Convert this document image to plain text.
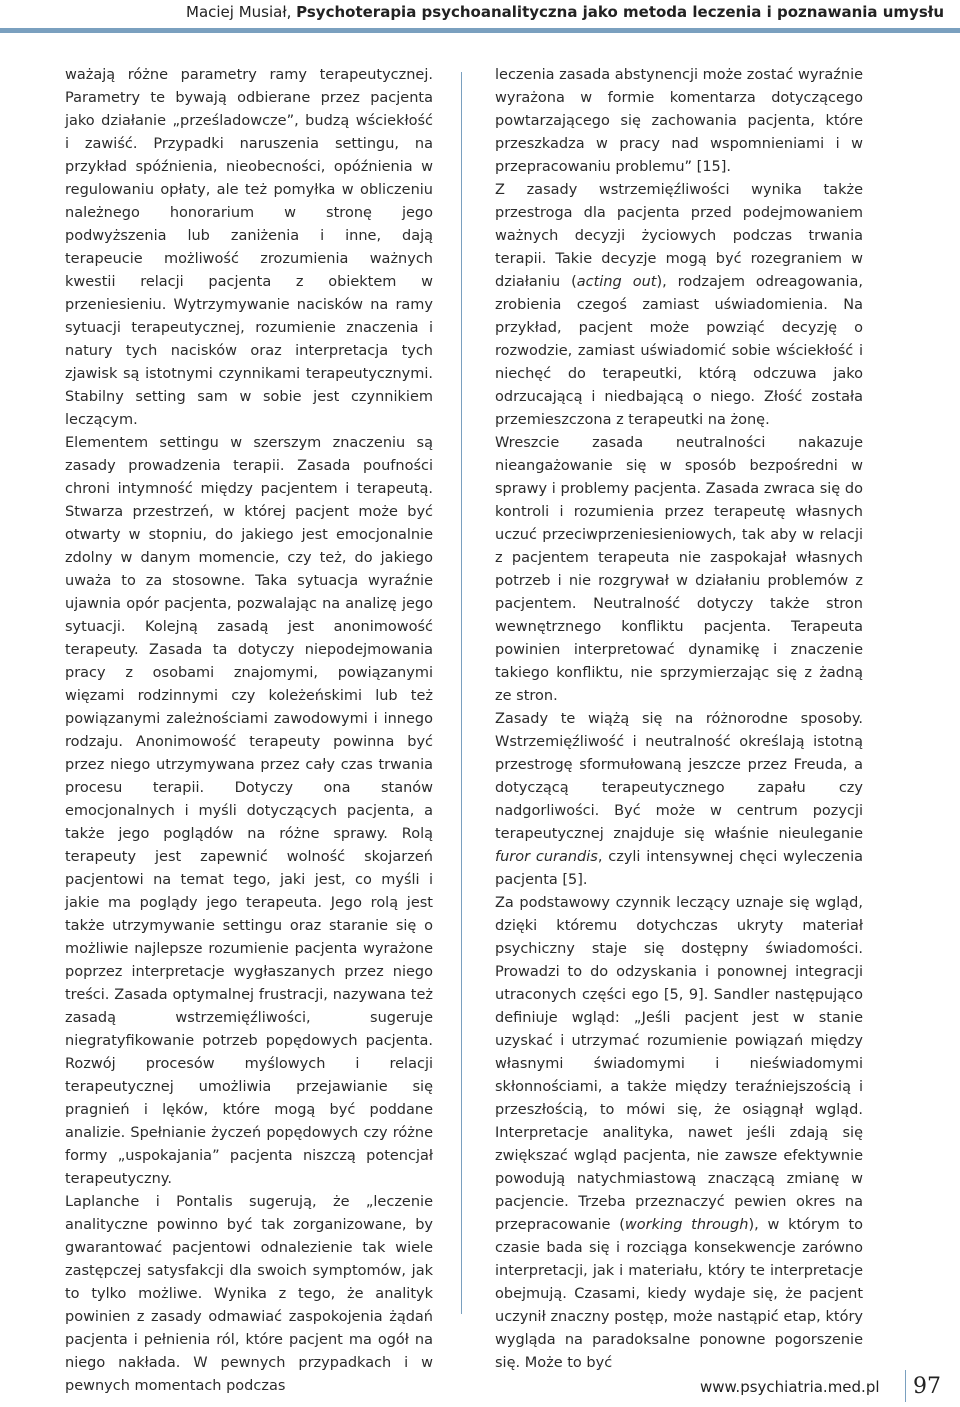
Maciej Musiał, Psychoterapia psychoanalityczna jako metoda leczenia i poznawania umysłu

ważają różne parametry ramy terapeutycznej. Parametry te bywają odbierane przez pacjenta jako działanie „prześladowcze”, budzą wściekłość i zawiść. Przypadki naruszenia settingu, na przykład spóźnienia, nieobecności, opóźnienia w regulowaniu opłaty, ale też pomyłka w obliczeniu należnego honorarium w stronę jego podwyższenia lub zaniżenia i inne, dają terapeucie możliwość zrozumienia ważnych kwestii relacji pacjenta z obiektem w przeniesieniu. Wytrzymywanie nacisków na ramy sytuacji terapeutycznej, rozumienie znaczenia i natury tych nacisków oraz interpretacja tych zjawisk są istotnymi czynnikami terapeutycznymi. Stabilny setting sam w sobie jest czynnikiem leczącym.

Elementem settingu w szerszym znaczeniu są zasady prowadzenia terapii. Zasada poufności chroni intymność między pacjentem i terapeutą. Stwarza przestrzeń, w której pacjent może być otwarty w stopniu, do jakiego jest emocjonalnie zdolny w danym momencie, czy też, do jakiego uważa to za stosowne. Taka sytuacja wyraźnie ujawnia opór pacjenta, pozwalając na analizę jego sytuacji. Kolejną zasadą jest anonimowość terapeuty. Zasada ta dotyczy niepodejmowania pracy z osobami znajomymi, powiązanymi więzami rodzinnymi czy koleżeńskimi lub też powiązanymi zależnościami zawodowymi i innego rodzaju. Anonimowość terapeuty powinna być przez niego utrzymywana przez cały czas trwania procesu terapii. Dotyczy ona stanów emocjonalnych i myśli dotyczących pacjenta, a także jego poglądów na różne sprawy. Rolą terapeuty jest zapewnić wolność skojarzeń pacjentowi na temat tego, jaki jest, co myśli i jakie ma poglądy jego terapeuta. Jego rolą jest także utrzymywanie settingu oraz staranie się o możliwie najlepsze rozumienie pacjenta wyrażone poprzez interpretacje wygłaszanych przez niego treści. Zasada optymalnej frustracji, nazywana też zasadą wstrzemięźliwości, sugeruje niegratyfikowanie potrzeb popędowych pacjenta. Rozwój procesów myślowych i relacji terapeutycznej umożliwia przejawianie się pragnień i lęków, które mogą być poddane analizie. Spełnianie życzeń popędowych czy różne formy „uspokajania” pacjenta niszczą potencjał terapeutyczny.

Laplanche i Pontalis sugerują, że „leczenie analityczne powinno być tak zorganizowane, by gwarantować pacjentowi odnalezienie tak wiele zastępczej satysfakcji dla swoich symptomów, jak to tylko możliwe. Wynika z tego, że analityk powinien z zasady odmawiać zaspokojenia żądań pacjenta i pełnienia ról, które pacjent ma ogół na niego nakłada. W pewnych przypadkach i w pewnych momentach podczas

leczenia zasada abstynencji może zostać wyraźnie wyrażona w formie komentarza dotyczącego powtarzającego się zachowania pacjenta, które przeszkadza w pracy nad wspomnieniami i w przepracowaniu problemu” [15].

Z zasady wstrzemięźliwości wynika także przestroga dla pacjenta przed podejmowaniem ważnych decyzji życiowych podczas trwania terapii. Takie decyzje mogą być rozegraniem w działaniu (acting out), rodzajem odreagowania, zrobienia czegoś zamiast uświadomienia. Na przykład, pacjent może powziąć decyzję o rozwodzie, zamiast uświadomić sobie wściekłość i niechęć do terapeutki, którą odczuwa jako odrzucającą i niedbającą o niego. Złość została przemieszczona z terapeutki na żonę.

Wreszcie zasada neutralności nakazuje nieangażowanie się w sposób bezpośredni w sprawy i problemy pacjenta. Zasada zwraca się do kontroli i rozumienia przez terapeutę własnych uczuć przeciwprzeniesieniowych, tak aby w relacji z pacjentem terapeuta nie zaspokajał własnych potrzeb i nie rozgrywał w działaniu problemów z pacjentem. Neutralność dotyczy także stron wewnętrznego konfliktu pacjenta. Terapeuta powinien interpretować dynamikę i znaczenie takiego konfliktu, nie sprzymierzając się z żadną ze stron.

Zasady te wiążą się na różnorodne sposoby. Wstrzemięźliwość i neutralność określają istotną przestrogę sformułowaną jeszcze przez Freuda, a dotyczącą terapeutycznego zapału czy nadgorliwości. Być może w centrum pozycji terapeutycznej znajduje się właśnie nieuleganie furor curandis, czyli intensywnej chęci wyleczenia pacjenta [5].

Za podstawowy czynnik leczący uznaje się wgląd, dzięki któremu dotychczas ukryty materiał psychiczny staje się dostępny świadomości. Prowadzi to do odzyskania i ponownej integracji utraconych części ego [5, 9]. Sandler następująco definiuje wgląd: „Jeśli pacjent jest w stanie uzyskać i utrzymać rozumienie powiązań między własnymi świadomymi i nieświadomymi skłonnościami, a także między teraźniejszością i przeszłością, to mówi się, że osiągnął wgląd. Interpretacje analityka, nawet jeśli zdają się zwiększać wgląd pacjenta, nie zawsze efektywnie powodują natychmiastową znaczącą zmianę w pacjencie. Trzeba przeznaczyć pewien okres na przepracowanie (working through), w którym to czasie bada się i rozciąga konsekwencje zarówno interpretacji, jak i materiału, który te interpretacje obejmują. Czasami, kiedy wydaje się, że pacjent uczynił znaczny postęp, może nastąpić etap, który wygląda na paradoksalne ponowne pogorszenie się. Może to być

www.psychiatria.med.pl 97
